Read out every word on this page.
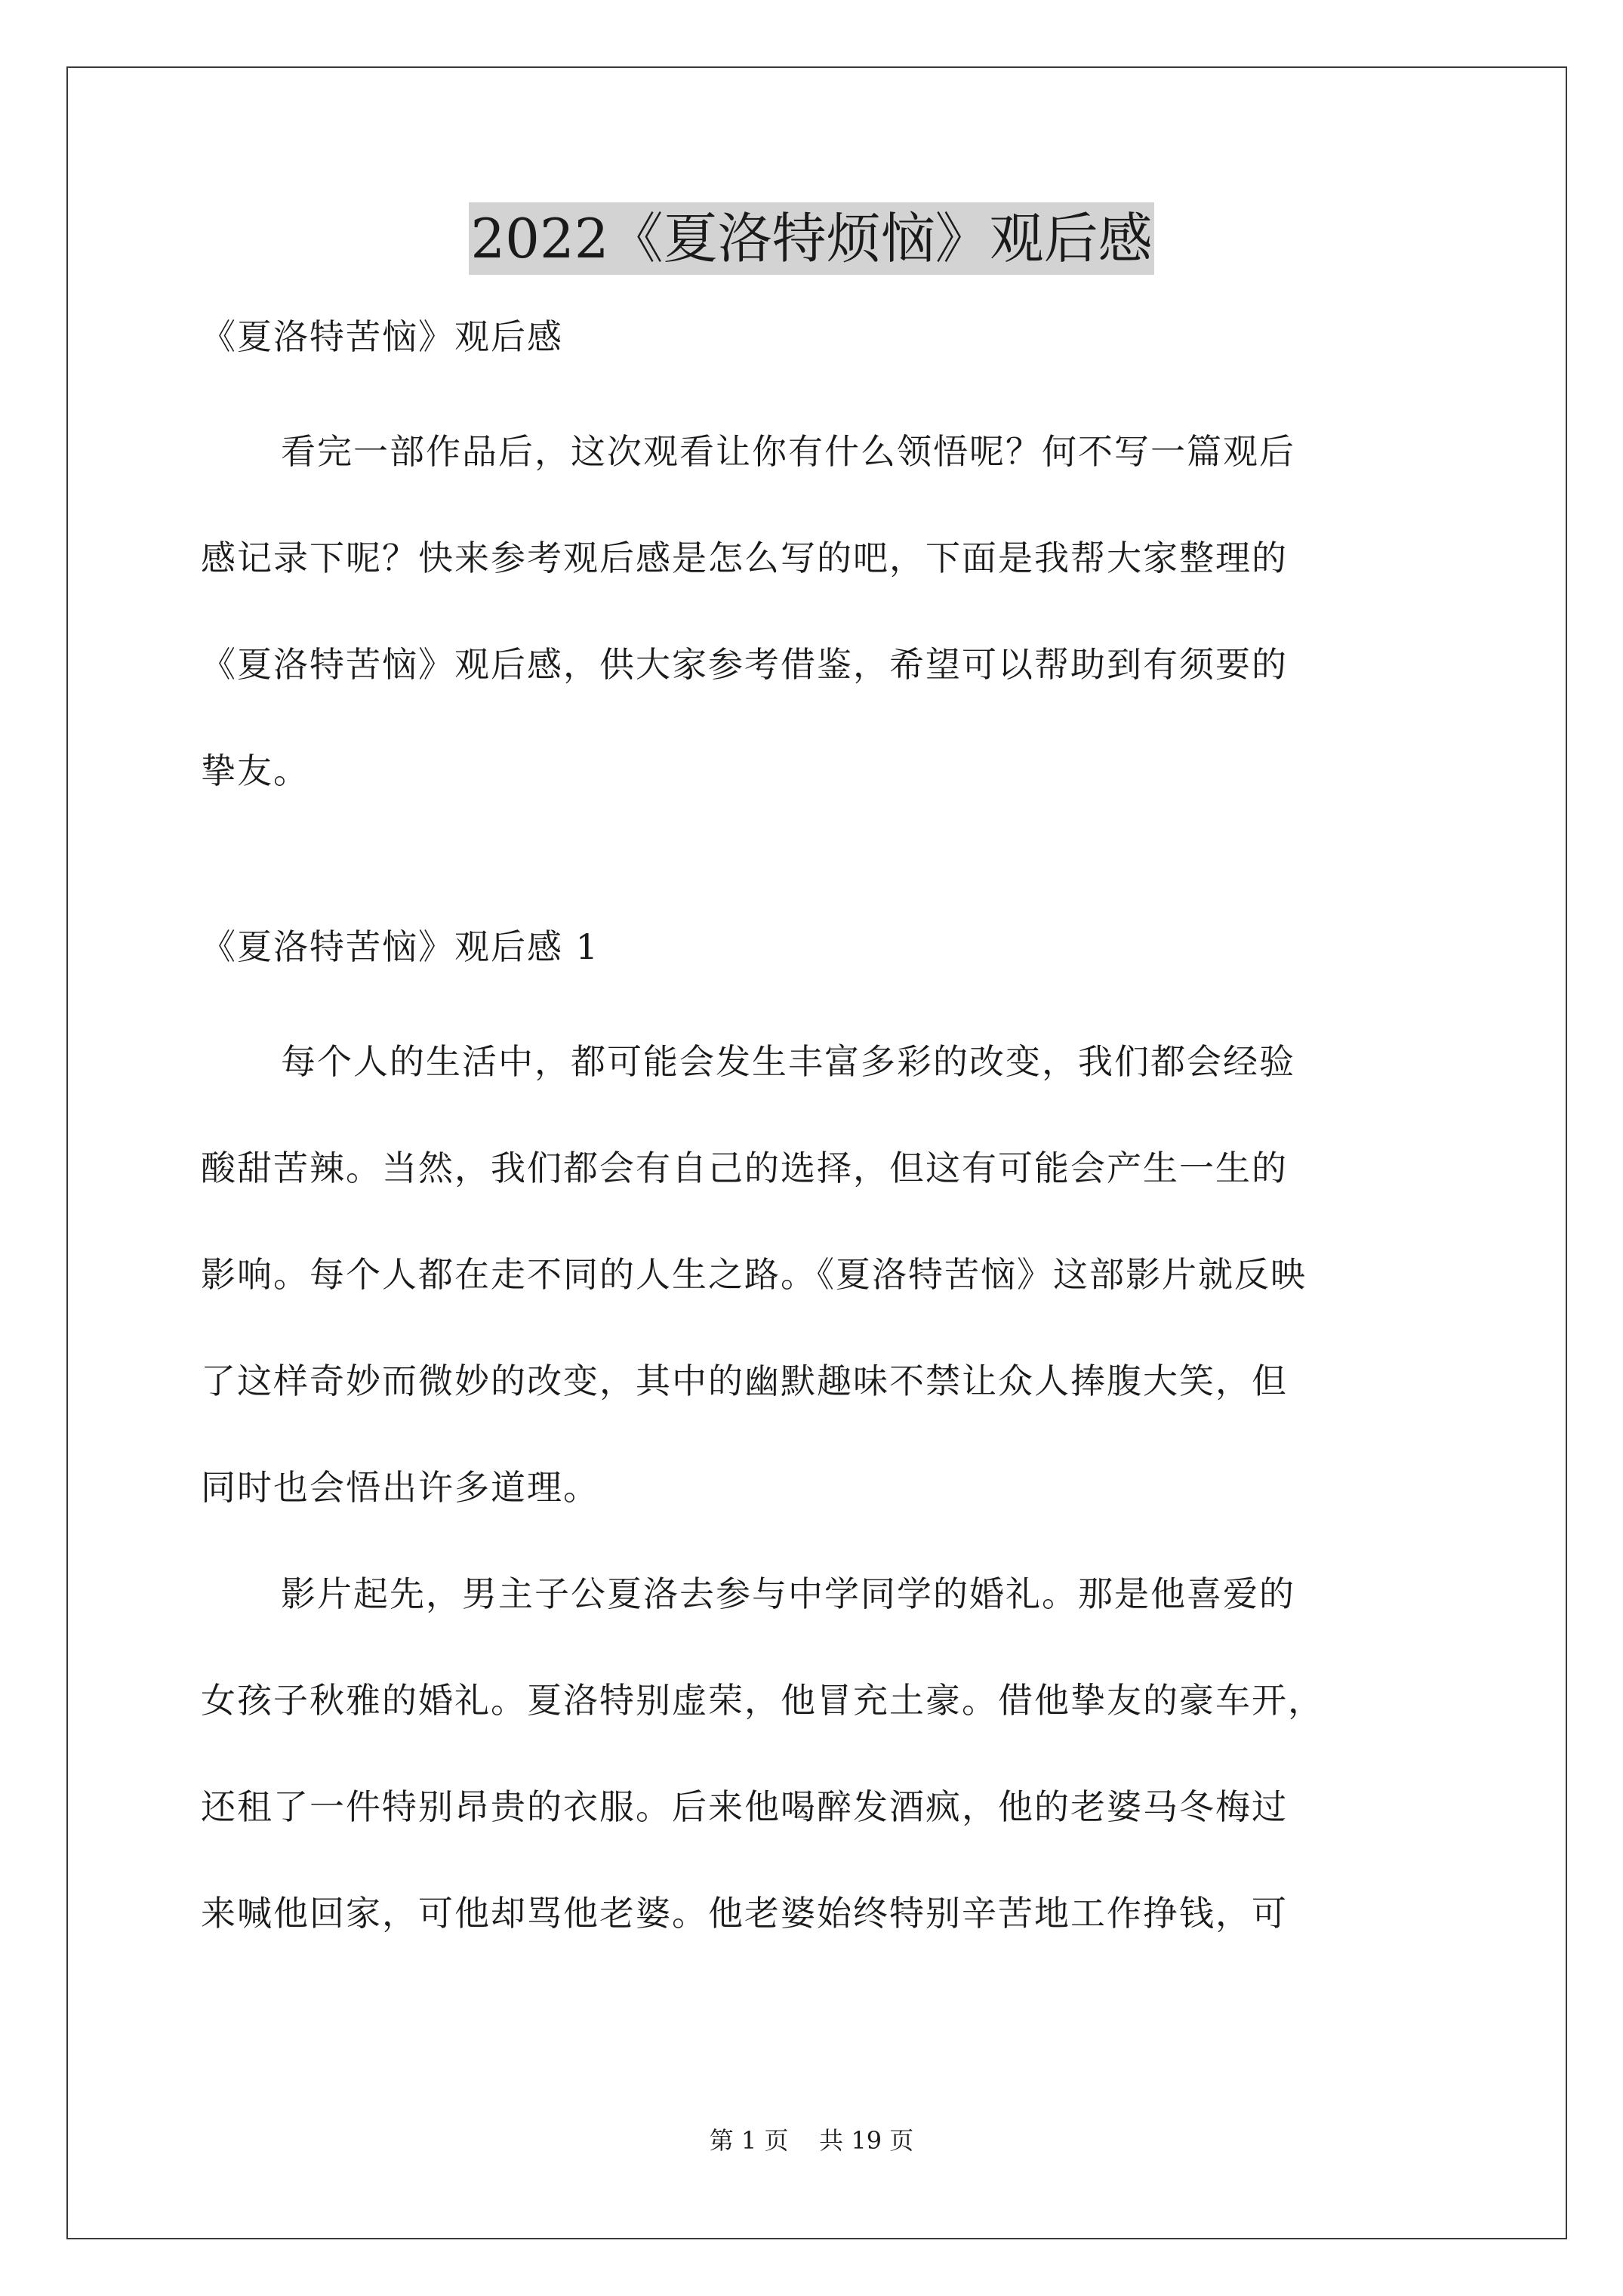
2022《夏洛特烦恼》观后感

《夏洛特苦恼》观后感

看完一部作品后，这次观看让你有什么领悟呢？何不写一篇观后
感记录下呢？快来参考观后感是怎么写的吧，下面是我帮大家整理的
《夏洛特苦恼》观后感，供大家参考借鉴，希望可以帮助到有须要的
挚友。

《夏洛特苦恼》观后感 1

每个人的生活中，都可能会发生丰富多彩的改变，我们都会经验
酸甜苦辣。当然，我们都会有自己的选择，但这有可能会产生一生的
影响。每个人都在走不同的人生之路。《夏洛特苦恼》这部影片就反映
了这样奇妙而微妙的改变，其中的幽默趣味不禁让众人捧腹大笑，但
同时也会悟出许多道理。
影片起先，男主子公夏洛去参与中学同学的婚礼。那是他喜爱的
女孩子秋雅的婚礼。夏洛特别虚荣，他冒充土豪。借他挚友的豪车开，
还租了一件特别昂贵的衣服。后来他喝醉发酒疯，他的老婆马冬梅过
来喊他回家，可他却骂他老婆。他老婆始终特别辛苦地工作挣钱，可
第 1 页 共 19 页
